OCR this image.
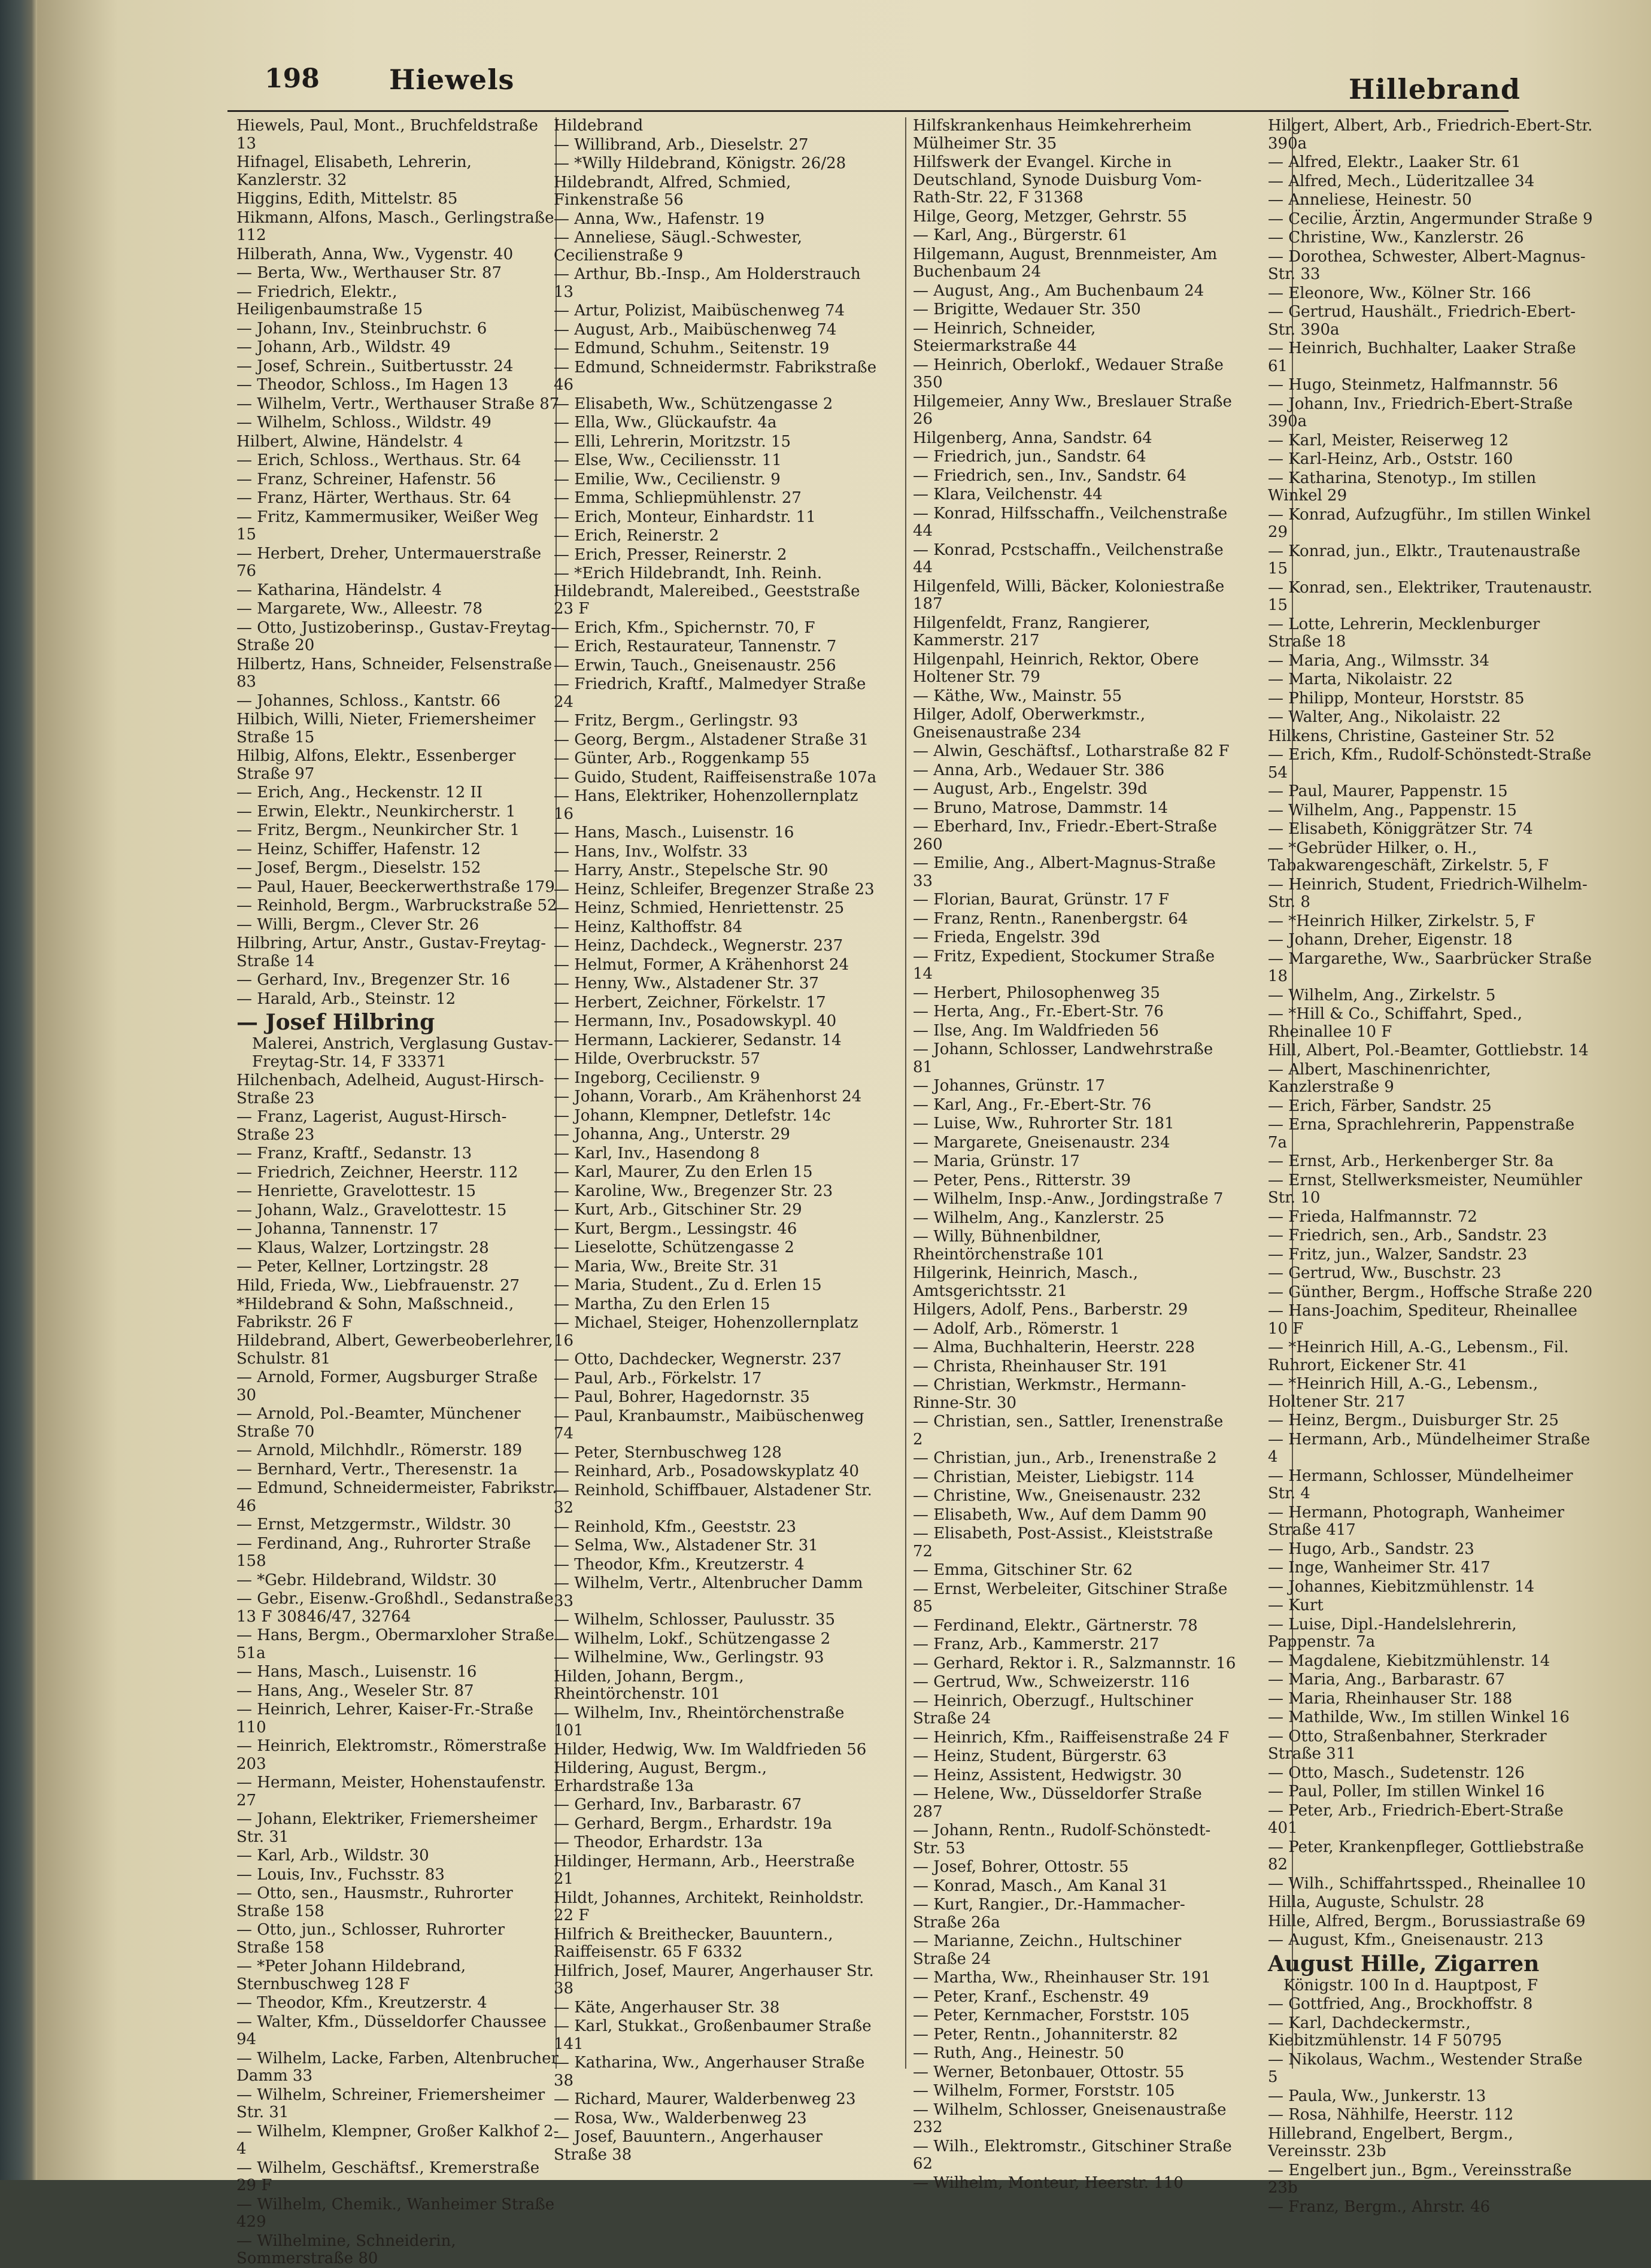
198	Hiewels	Hillebrand
Hiewels, Paul, Mont., Bruchfeldstraße 13
Hifnagel, Elisabeth, Lehrerin, Kanzlerstr. 32
Higgins, Edith, Mittelstr. 85
Hikmann, Alfons, Masch., Gerlingstraße 112
Hilberath, Anna, Ww., Vygenstr. 40
— Berta, Ww., Werthauser Str. 87
— Friedrich, Elektr., Heiligenbaumstraße 15
— Johann, Inv., Steinbruchstr. 6
— Johann, Arb., Wildstr. 49
— Josef, Schrein., Suitbertusstr. 24
— Theodor, Schloss., Im Hagen 13
— Wilhelm, Vertr., Werthauser Straße 87
— Wilhelm, Schloss., Wildstr. 49
Hilbert, Alwine, Händelstr. 4
— Erich, Schloss., Werthaus. Str. 64
— Franz, Schreiner, Hafenstr. 56
— Franz, Härter, Werthaus. Str. 64
— Fritz, Kammermusiker, Weißer Weg 15
— Herbert, Dreher, Untermauerstraße 76
— Katharina, Händelstr. 4
— Margarete, Ww., Alleestr. 78
— Otto, Justizoberinsp., Gustav-Freytag-Straße 20
Hilbertz, Hans, Schneider, Felsenstraße 83
— Johannes, Schloss., Kantstr. 66
Hilbich, Willi, Nieter, Friemersheimer Straße 15
Hilbig, Alfons, Elektr., Essenberger Straße 97
— Erich, Ang., Heckenstr. 12 II
— Erwin, Elektr., Neunkircherstr. 1
— Fritz, Bergm., Neunkircher Str. 1
— Heinz, Schiffer, Hafenstr. 12
— Josef, Bergm., Dieselstr. 152
— Paul, Hauer, Beeckerwerthstraße 179
— Reinhold, Bergm., Warbruckstraße 52
— Willi, Bergm., Clever Str. 26
Hilbring, Artur, Anstr., Gustav-Freytag-Straße 14
— Gerhard, Inv., Bregenzer Str. 16
— Harald, Arb., Steinstr. 12
— Josef Hilbring
Malerei, Anstrich, Verglasung Gustav-Freytag-Str. 14, F 33371
Hilchenbach, Adelheid, August-Hirsch-Straße 23
— Franz, Lagerist, August-Hirsch-Straße 23
— Franz, Kraftf., Sedanstr. 13
— Friedrich, Zeichner, Heerstr. 112
— Henriette, Gravelottestr. 15
— Johann, Walz., Gravelottestr. 15
— Johanna, Tannenstr. 17
— Klaus, Walzer, Lortzingstr. 28
— Peter, Kellner, Lortzingstr. 28
Hild, Frieda, Ww., Liebfrauenstr. 27
*Hildebrand & Sohn, Maßschneid., Fabrikstr. 26 F
Hildebrand, Albert, Gewerbeoberlehrer, Schulstr. 81
— Arnold, Former, Augsburger Straße 30
— Arnold, Pol.-Beamter, Münchener Straße 70
— Arnold, Milchhdlr., Römerstr. 189
— Bernhard, Vertr., Theresenstr. 1a
— Edmund, Schneidermeister, Fabrikstr. 46
— Ernst, Metzgermstr., Wildstr. 30
— Ferdinand, Ang., Ruhrorter Straße 158
— *Gebr. Hildebrand, Wildstr. 30
— Gebr., Eisenw.-Großhdl., Sedanstraße 13 F 30846/47, 32764
— Hans, Bergm., Obermarxloher Straße 51a
— Hans, Masch., Luisenstr. 16
— Hans, Ang., Weseler Str. 87
— Heinrich, Lehrer, Kaiser-Fr.-Straße 110
— Heinrich, Elektromstr., Römerstraße 203
— Hermann, Meister, Hohenstaufenstr. 27
— Johann, Elektriker, Friemersheimer Str. 31
— Karl, Arb., Wildstr. 30
— Louis, Inv., Fuchsstr. 83
— Otto, sen., Hausmstr., Ruhrorter Straße 158
— Otto, jun., Schlosser, Ruhrorter Straße 158
— *Peter Johann Hildebrand, Sternbuschweg 128 F
— Theodor, Kfm., Kreutzerstr. 4
— Walter, Kfm., Düsseldorfer Chaussee 94
— Wilhelm, Lacke, Farben, Altenbrucher Damm 33
— Wilhelm, Schreiner, Friemersheimer Str. 31
— Wilhelm, Klempner, Großer Kalkhof 2-4
— Wilhelm, Geschäftsf., Kremerstraße 29 F
— Wilhelm, Chemik., Wanheimer Straße 429
— Wilhelmine, Schneiderin, Sommerstraße 80
Hildebrand
— Willibrand, Arb., Dieselstr. 27
— *Willy Hildebrand, Königstr. 26/28
Hildebrandt, Alfred, Schmied, Finkenstraße 56
— Anna, Ww., Hafenstr. 19
— Anneliese, Säugl.-Schwester, Cecilienstraße 9
— Arthur, Bb.-Insp., Am Holderstrauch 13
— Artur, Polizist, Maibüschenweg 74
— August, Arb., Maibüschenweg 74
— Edmund, Schuhm., Seitenstr. 19
— Edmund, Schneidermstr. Fabrikstraße 46
— Elisabeth, Ww., Schützengasse 2
— Ella, Ww., Glückaufstr. 4a
— Elli, Lehrerin, Moritzstr. 15
— Else, Ww., Ceciliensstr. 11
— Emilie, Ww., Cecilienstr. 9
— Emma, Schliepmühlenstr. 27
— Erich, Monteur, Einhardstr. 11
— Erich, Reinerstr. 2
— Erich, Presser, Reinerstr. 2
— *Erich Hildebrandt, Inh. Reinh. Hildebrandt, Malereibed., Geeststraße 23 F
— Erich, Kfm., Spichernstr. 70, F
— Erich, Restaurateur, Tannenstr. 7
— Erwin, Tauch., Gneisenaustr. 256
— Friedrich, Kraftf., Malmedyer Straße 24
— Fritz, Bergm., Gerlingstr. 93
— Georg, Bergm., Alstadener Straße 31
— Günter, Arb., Roggenkamp 55
— Guido, Student, Raiffeisenstraße 107a
— Hans, Elektriker, Hohenzollernplatz 16
— Hans, Masch., Luisenstr. 16
— Hans, Inv., Wolfstr. 33
— Harry, Anstr., Stepelsche Str. 90
— Heinz, Schleifer, Bregenzer Straße 23
— Heinz, Schmied, Henriettenstr. 25
— Heinz, Kalthoffstr. 84
— Heinz, Dachdeck., Wegnerstr. 237
— Helmut, Former, A Krähenhorst 24
— Henny, Ww., Alstadener Str. 37
— Herbert, Zeichner, Förkelstr. 17
— Hermann, Inv., Posadowskypl. 40
— Hermann, Lackierer, Sedanstr. 14
— Hilde, Overbruckstr. 57
— Ingeborg, Cecilienstr. 9
— Johann, Vorarb., Am Krähenhorst 24
— Johann, Klempner, Detlefstr. 14c
— Johanna, Ang., Unterstr. 29
— Karl, Inv., Hasendong 8
— Karl, Maurer, Zu den Erlen 15
— Karoline, Ww., Bregenzer Str. 23
— Kurt, Arb., Gitschiner Str. 29
— Kurt, Bergm., Lessingstr. 46
— Lieselotte, Schützengasse 2
— Maria, Ww., Breite Str. 31
— Maria, Student., Zu d. Erlen 15
— Martha, Zu den Erlen 15
— Michael, Steiger, Hohenzollernplatz 16
— Otto, Dachdecker, Wegnerstr. 237
— Paul, Arb., Förkelstr. 17
— Paul, Bohrer, Hagedornstr. 35
— Paul, Kranbaumstr., Maibüschenweg 74
— Peter, Sternbuschweg 128
— Reinhard, Arb., Posadowskyplatz 40
— Reinhold, Schiffbauer, Alstadener Str. 32
— Reinhold, Kfm., Geeststr. 23
— Selma, Ww., Alstadener Str. 31
— Theodor, Kfm., Kreutzerstr. 4
— Wilhelm, Vertr., Altenbrucher Damm 33
— Wilhelm, Schlosser, Paulusstr. 35
— Wilhelm, Lokf., Schützengasse 2
— Wilhelmine, Ww., Gerlingstr. 93
Hilden, Johann, Bergm., Rheintörchenstr. 101
— Wilhelm, Inv., Rheintörchenstraße 101
Hilder, Hedwig, Ww. Im Waldfrieden 56
Hildering, August, Bergm., Erhardstraße 13a
— Gerhard, Inv., Barbarastr. 67
— Gerhard, Bergm., Erhardstr. 19a
— Theodor, Erhardstr. 13a
Hildinger, Hermann, Arb., Heerstraße 21
Hildt, Johannes, Architekt, Reinholdstr. 22 F
Hilfrich & Breithecker, Bauuntern., Raiffeisenstr. 65 F 6332
Hilfrich, Josef, Maurer, Angerhauser Str. 38
— Käte, Angerhauser Str. 38
— Karl, Stukkat., Großenbaumer Straße 141
— Katharina, Ww., Angerhauser Straße 38
— Richard, Maurer, Walderbenweg 23
— Rosa, Ww., Walderbenweg 23
— Josef, Bauuntern., Angerhauser Straße 38
Hilfskrankenhaus Heimkehrerheim Mülheimer Str. 35
Hilfswerk der Evangel. Kirche in Deutschland, Synode Duisburg Vom-Rath-Str. 22, F 31368
Hilge, Georg, Metzger, Gehrstr. 55
— Karl, Ang., Bürgerstr. 61
Hilgemann, August, Brennmeister, Am Buchenbaum 24
— August, Ang., Am Buchenbaum 24
— Brigitte, Wedauer Str. 350
— Heinrich, Schneider, Steiermarkstraße 44
— Heinrich, Oberlokf., Wedauer Straße 350
Hilgemeier, Anny Ww., Breslauer Straße 26
Hilgenberg, Anna, Sandstr. 64
— Friedrich, jun., Sandstr. 64
— Friedrich, sen., Inv., Sandstr. 64
— Klara, Veilchenstr. 44
— Konrad, Hilfsschaffn., Veilchenstraße 44
— Konrad, Pcstschaffn., Veilchenstraße 44
Hilgenfeld, Willi, Bäcker, Koloniestraße 187
Hilgenfeldt, Franz, Rangierer, Kammerstr. 217
Hilgenpahl, Heinrich, Rektor, Obere Holtener Str. 79
— Käthe, Ww., Mainstr. 55
Hilger, Adolf, Oberwerkmstr., Gneisenaustraße 234
— Alwin, Geschäftsf., Lotharstraße 82 F
— Anna, Arb., Wedauer Str. 386
— August, Arb., Engelstr. 39d
— Bruno, Matrose, Dammstr. 14
— Eberhard, Inv., Friedr.-Ebert-Straße 260
— Emilie, Ang., Albert-Magnus-Straße 33
— Florian, Baurat, Grünstr. 17 F
— Franz, Rentn., Ranenbergstr. 64
— Frieda, Engelstr. 39d
— Fritz, Expedient, Stockumer Straße 14
— Herbert, Philosophenweg 35
— Herta, Ang., Fr.-Ebert-Str. 76
— Ilse, Ang. Im Waldfrieden 56
— Johann, Schlosser, Landwehrstraße 81
— Johannes, Grünstr. 17
— Karl, Ang., Fr.-Ebert-Str. 76
— Luise, Ww., Ruhrorter Str. 181
— Margarete, Gneisenaustr. 234
— Maria, Grünstr. 17
— Peter, Pens., Ritterstr. 39
— Wilhelm, Insp.-Anw., Jordingstraße 7
— Wilhelm, Ang., Kanzlerstr. 25
— Willy, Bühnenbildner, Rheintörchenstraße 101
Hilgerink, Heinrich, Masch., Amtsgerichtsstr. 21
Hilgers, Adolf, Pens., Barberstr. 29
— Adolf, Arb., Römerstr. 1
— Alma, Buchhalterin, Heerstr. 228
— Christa, Rheinhauser Str. 191
— Christian, Werkmstr., Hermann-Rinne-Str. 30
— Christian, sen., Sattler, Irenenstraße 2
— Christian, jun., Arb., Irenenstraße 2
— Christian, Meister, Liebigstr. 114
— Christine, Ww., Gneisenaustr. 232
— Elisabeth, Ww., Auf dem Damm 90
— Elisabeth, Post-Assist., Kleiststraße 72
— Emma, Gitschiner Str. 62
— Ernst, Werbeleiter, Gitschiner Straße 85
— Ferdinand, Elektr., Gärtnerstr. 78
— Franz, Arb., Kammerstr. 217
— Gerhard, Rektor i. R., Salzmannstr. 16
— Gertrud, Ww., Schweizerstr. 116
— Heinrich, Oberzugf., Hultschiner Straße 24
— Heinrich, Kfm., Raiffeisenstraße 24 F
— Heinz, Student, Bürgerstr. 63
— Heinz, Assistent, Hedwigstr. 30
— Helene, Ww., Düsseldorfer Straße 287
— Johann, Rentn., Rudolf-Schönstedt-Str. 53
— Josef, Bohrer, Ottostr. 55
— Konrad, Masch., Am Kanal 31
— Kurt, Rangier., Dr.-Hammacher-Straße 26a
— Marianne, Zeichn., Hultschiner Straße 24
— Martha, Ww., Rheinhauser Str. 191
— Peter, Kranf., Eschenstr. 49
— Peter, Kernmacher, Forststr. 105
— Peter, Rentn., Johanniterstr. 82
— Ruth, Ang., Heinestr. 50
— Werner, Betonbauer, Ottostr. 55
— Wilhelm, Former, Forststr. 105
— Wilhelm, Schlosser, Gneisenaustraße 232
— Wilh., Elektromstr., Gitschiner Straße 62
— Wilhelm, Monteur, Heerstr. 110
Hilgert, Albert, Arb., Friedrich-Ebert-Str. 390a
— Alfred, Elektr., Laaker Str. 61
— Alfred, Mech., Lüderitzallee 34
— Anneliese, Heinestr. 50
— Cecilie, Ärztin, Angermunder Straße 9
— Christine, Ww., Kanzlerstr. 26
— Dorothea, Schwester, Albert-Magnus-Str. 33
— Eleonore, Ww., Kölner Str. 166
— Gertrud, Haushält., Friedrich-Ebert-Str. 390a
— Heinrich, Buchhalter, Laaker Straße 61
— Hugo, Steinmetz, Halfmannstr. 56
— Johann, Inv., Friedrich-Ebert-Straße 390a
— Karl, Meister, Reiserweg 12
— Karl-Heinz, Arb., Oststr. 160
— Katharina, Stenotyp., Im stillen Winkel 29
— Konrad, Aufzugführ., Im stillen Winkel 29
— Konrad, jun., Elktr., Trautenaustraße 15
— Konrad, sen., Elektriker, Trautenaustr. 15
— Lotte, Lehrerin, Mecklenburger Straße 18
— Maria, Ang., Wilmsstr. 34
— Marta, Nikolaistr. 22
— Philipp, Monteur, Horststr. 85
— Walter, Ang., Nikolaistr. 22
Hilkens, Christine, Gasteiner Str. 52
— Erich, Kfm., Rudolf-Schönstedt-Straße 54
— Paul, Maurer, Pappenstr. 15
— Wilhelm, Ang., Pappenstr. 15
— Elisabeth, Königgrätzer Str. 74
— *Gebrüder Hilker, o. H., Tabakwarengeschäft, Zirkelstr. 5, F
— Heinrich, Student, Friedrich-Wilhelm-Str. 8
— *Heinrich Hilker, Zirkelstr. 5, F
— Johann, Dreher, Eigenstr. 18
— Margarethe, Ww., Saarbrücker Straße 18
— Wilhelm, Ang., Zirkelstr. 5
— *Hill & Co., Schiffahrt, Sped., Rheinallee 10 F
Hill, Albert, Pol.-Beamter, Gottliebstr. 14
— Albert, Maschinenrichter, Kanzlerstraße 9
— Erich, Färber, Sandstr. 25
— Erna, Sprachlehrerin, Pappenstraße 7a
— Ernst, Arb., Herkenberger Str. 8a
— Ernst, Stellwerksmeister, Neumühler Str. 10
— Frieda, Halfmannstr. 72
— Friedrich, sen., Arb., Sandstr. 23
— Fritz, jun., Walzer, Sandstr. 23
— Gertrud, Ww., Buschstr. 23
— Günther, Bergm., Hoffsche Straße 220
— Hans-Joachim, Spediteur, Rheinallee 10 F
— *Heinrich Hill, A.-G., Lebensm., Fil. Ruhrort, Eickener Str. 41
— *Heinrich Hill, A.-G., Lebensm., Holtener Str. 217
— Heinz, Bergm., Duisburger Str. 25
— Hermann, Arb., Mündelheimer Straße 4
— Hermann, Schlosser, Mündelheimer Str. 4
— Hermann, Photograph, Wanheimer Straße 417
— Hugo, Arb., Sandstr. 23
— Inge, Wanheimer Str. 417
— Johannes, Kiebitzmühlenstr. 14
— Kurt
— Luise, Dipl.-Handelslehrerin, Pappenstr. 7a
— Magdalene, Kiebitzmühlenstr. 14
— Maria, Ang., Barbarastr. 67
— Maria, Rheinhauser Str. 188
— Mathilde, Ww., Im stillen Winkel 16
— Otto, Straßenbahner, Sterkrader Straße 311
— Otto, Masch., Sudetenstr. 126
— Paul, Poller, Im stillen Winkel 16
— Peter, Arb., Friedrich-Ebert-Straße 401
— Peter, Krankenpfleger, Gottliebstraße 82
— Wilh., Schiffahrtssped., Rheinallee 10
Hilla, Auguste, Schulstr. 28
Hille, Alfred, Bergm., Borussiastraße 69
— August, Kfm., Gneisenaustr. 213
August Hille, Zigarren
Königstr. 100 In d. Hauptpost, F
— Gottfried, Ang., Brockhoffstr. 8
— Karl, Dachdeckermstr., Kiebitzmühlenstr. 14 F 50795
— Nikolaus, Wachm., Westender Straße 5
— Paula, Ww., Junkerstr. 13
— Rosa, Nähhilfe, Heerstr. 112
Hillebrand, Engelbert, Bergm., Vereinsstr. 23b
— Engelbert jun., Bgm., Vereinsstraße 23b
— Franz, Bergm., Ahrstr. 46
